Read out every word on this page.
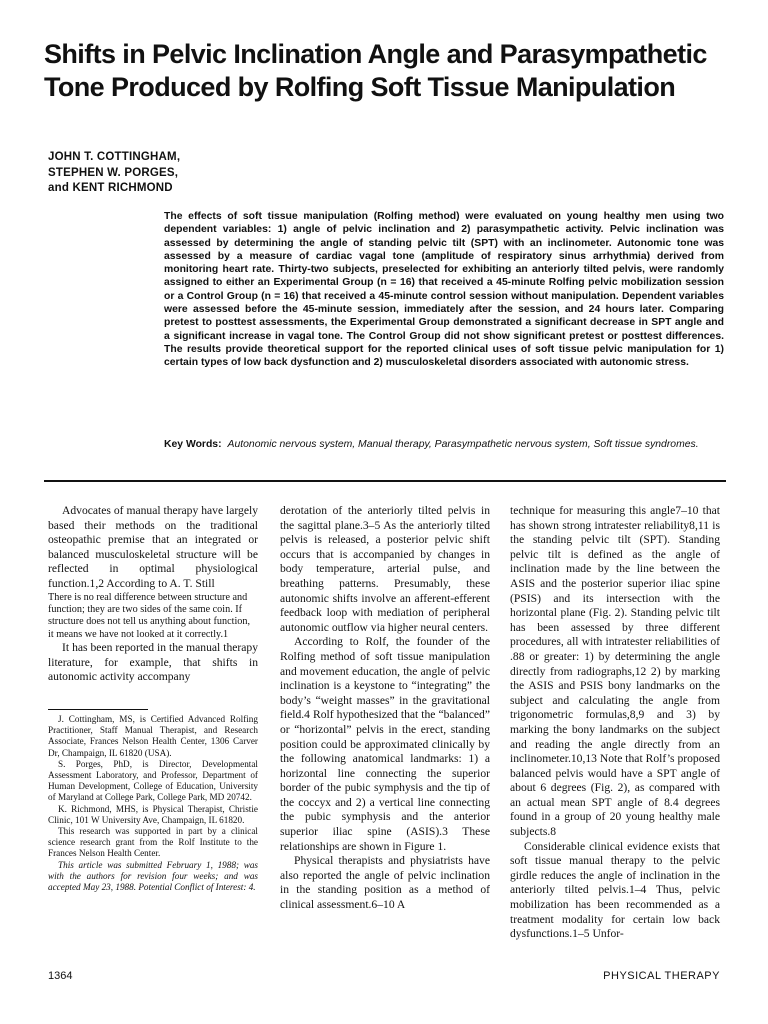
Shifts in Pelvic Inclination Angle and Parasympathetic
Tone Produced by Rolfing Soft Tissue Manipulation
JOHN T. COTTINGHAM,
STEPHEN W. PORGES,
and KENT RICHMOND

The effects of soft tissue manipulation (Rolfing method) were evaluated on young healthy men using two dependent variables: 1) angle of pelvic inclination and 2) parasympathetic activity. Pelvic inclination was assessed by determining the angle of standing pelvic tilt (SPT) with an inclinometer. Autonomic tone was assessed by a measure of cardiac vagal tone (amplitude of respiratory sinus arrhythmia) derived from monitoring heart rate. Thirty-two subjects, preselected for exhibiting an anteriorly tilted pelvis, were randomly assigned to either an Experimental Group (n = 16) that received a 45-minute Rolfing pelvic mobilization session or a Control Group (n = 16) that received a 45-minute control session without manipulation. Dependent variables were assessed before the 45-minute session, immediately after the session, and 24 hours later. Comparing pretest to posttest assessments, the Experimental Group demonstrated a significant decrease in SPT angle and a significant increase in vagal tone. The Control Group did not show significant pretest or posttest differences. The results provide theoretical support for the reported clinical uses of soft tissue pelvic manipulation for 1) certain types of low back dysfunction and 2) musculoskeletal disorders associated with autonomic stress.

Key Words: Autonomic nervous system, Manual therapy, Parasympathetic nervous system, Soft tissue syndromes.

Advocates of manual therapy have largely based their methods on the traditional osteopathic premise that an integrated or balanced musculoskeletal structure will be reflected in optimal physiological function.1,2 According to A. T. Still

There is no real difference between structure and function; they are two sides of the same coin. If structure does not tell us anything about function, it means we have not looked at it correctly.1

It has been reported in the manual therapy literature, for example, that shifts in autonomic activity accompany

J. Cottingham, MS, is Certified Advanced Rolfing Practitioner, Staff Manual Therapist, and Research Associate, Frances Nelson Health Center, 1306 Carver Dr, Champaign, IL 61820 (USA).

S. Porges, PhD, is Director, Developmental Assessment Laboratory, and Professor, Department of Human Development, College of Education, University of Maryland at College Park, College Park, MD 20742.

K. Richmond, MHS, is Physical Therapist, Christie Clinic, 101 W University Ave, Champaign, IL 61820.

This research was supported in part by a clinical science research grant from the Rolf Institute to the Frances Nelson Health Center.

This article was submitted February 1, 1988; was with the authors for revision four weeks; and was accepted May 23, 1988. Potential Conflict of Interest: 4.

derotation of the anteriorly tilted pelvis in the sagittal plane.3–5 As the anteriorly tilted pelvis is released, a posterior pelvic shift occurs that is accompanied by changes in body temperature, arterial pulse, and breathing patterns. Presumably, these autonomic shifts involve an afferent-efferent feedback loop with mediation of peripheral autonomic outflow via higher neural centers.

According to Rolf, the founder of the Rolfing method of soft tissue manipulation and movement education, the angle of pelvic inclination is a keystone to “integrating” the body’s “weight masses” in the gravitational field.4 Rolf hypothesized that the “balanced” or “horizontal” pelvis in the erect, standing position could be approximated clinically by the following anatomical landmarks: 1) a horizontal line connecting the superior border of the pubic symphysis and the tip of the coccyx and 2) a vertical line connecting the pubic symphysis and the anterior superior iliac spine (ASIS).3 These relationships are shown in Figure 1.

Physical therapists and physiatrists have also reported the angle of pelvic inclination in the standing position as a method of clinical assessment.6–10 A

technique for measuring this angle7–10 that has shown strong intratester reliability8,11 is the standing pelvic tilt (SPT). Standing pelvic tilt is defined as the angle of inclination made by the line between the ASIS and the posterior superior iliac spine (PSIS) and its intersection with the horizontal plane (Fig. 2). Standing pelvic tilt has been assessed by three different procedures, all with intratester reliabilities of .88 or greater: 1) by determining the angle directly from radiographs,12 2) by marking the ASIS and PSIS bony landmarks on the subject and calculating the angle from trigonometric formulas,8,9 and 3) by marking the bony landmarks on the subject and reading the angle directly from an inclinometer.10,13 Note that Rolf’s proposed balanced pelvis would have a SPT angle of about 6 degrees (Fig. 2), as compared with an actual mean SPT angle of 8.4 degrees found in a group of 20 young healthy male subjects.8

Considerable clinical evidence exists that soft tissue manual therapy to the pelvic girdle reduces the angle of inclination in the anteriorly tilted pelvis.1–4 Thus, pelvic mobilization has been recommended as a treatment modality for certain low back dysfunctions.1–5 Unfor-

1364	PHYSICAL THERAPY
